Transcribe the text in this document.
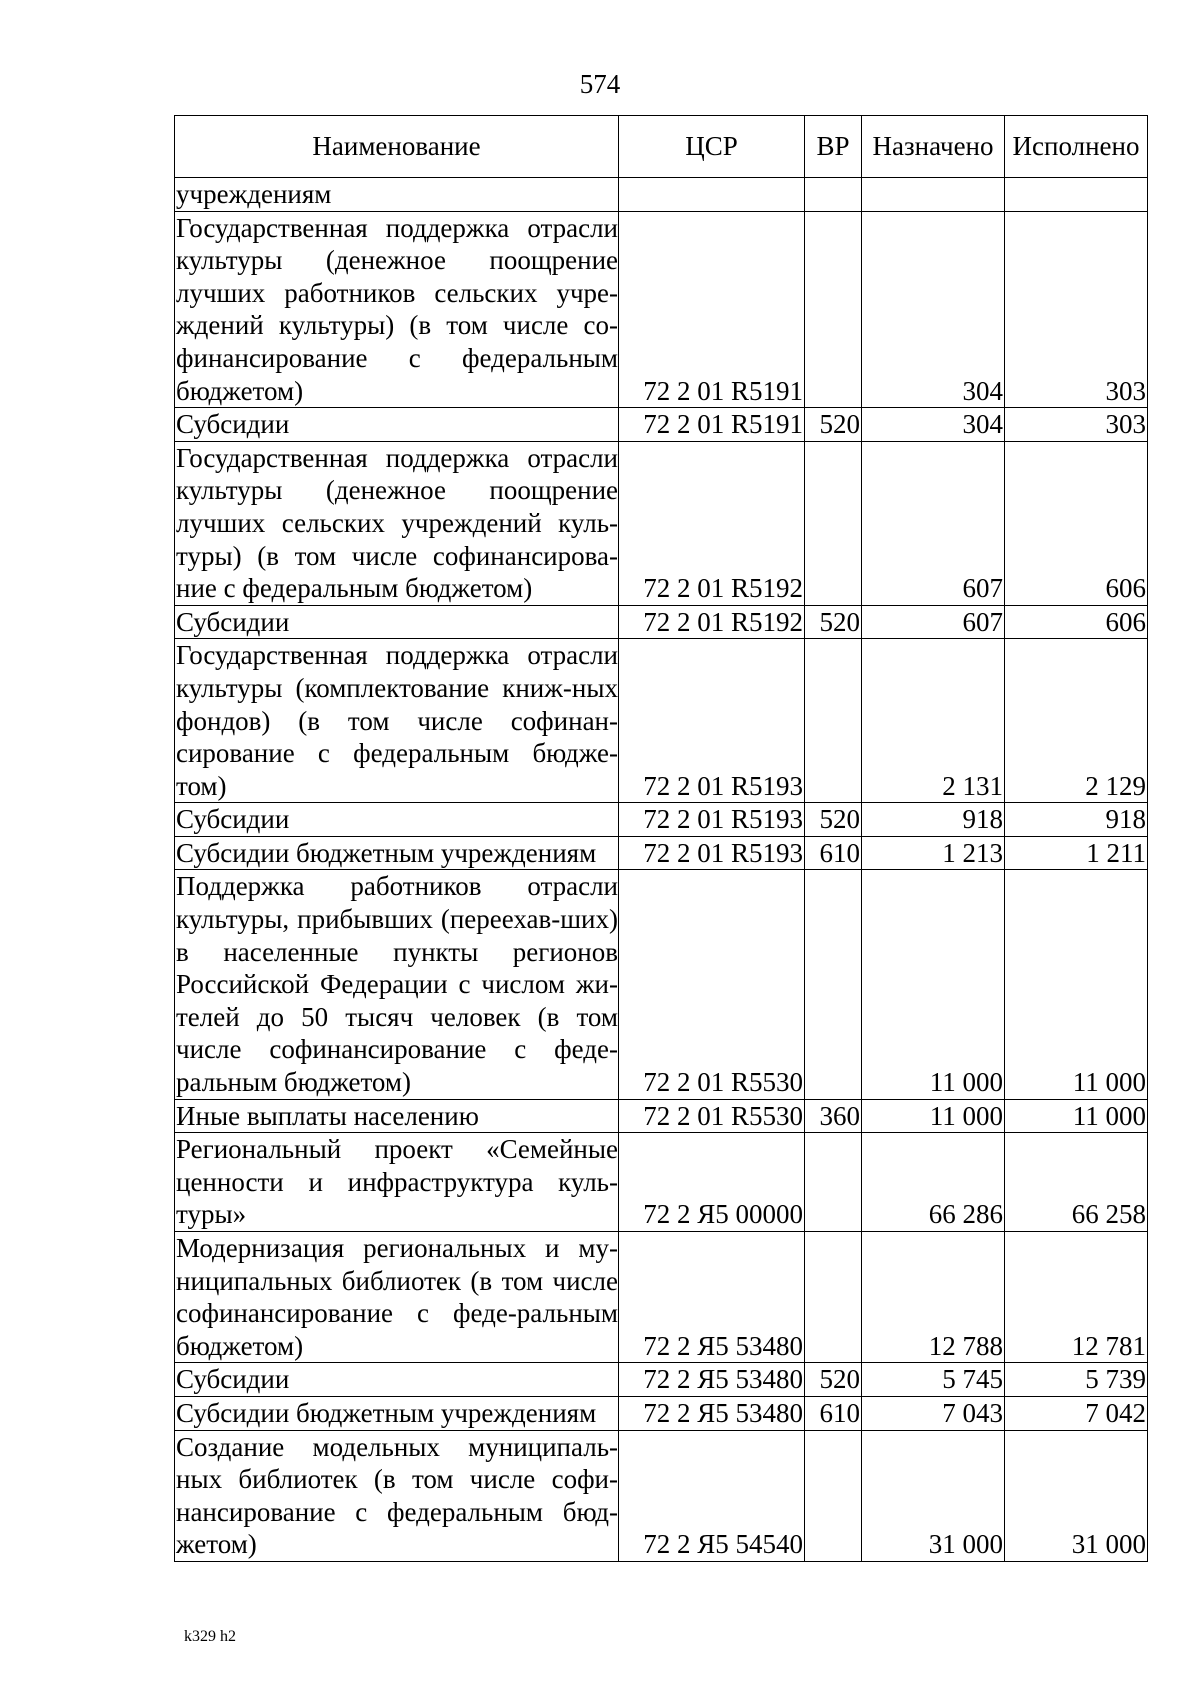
574
Наименование	ЦСР	ВР	Назначено	Исполнено
учреждениям				
Государственная поддержка отрасли культуры (денежное поощрение лучших работников сельских учре-ждений культуры) (в том числе со-финансирование с федеральным бюджетом)	72 2 01 R5191		304	303
Субсидии	72 2 01 R5191	520	304	303
Государственная поддержка отрасли культуры (денежное поощрение лучших сельских учреждений куль-туры) (в том числе софинансирова-ние с федеральным бюджетом)	72 2 01 R5192		607	606
Субсидии	72 2 01 R5192	520	607	606
Государственная поддержка отрасли культуры (комплектование книж-ных фондов) (в том числе софинан-сирование с федеральным бюдже-том)	72 2 01 R5193		2 131	2 129
Субсидии	72 2 01 R5193	520	918	918
Субсидии бюджетным учреждениям	72 2 01 R5193	610	1 213	1 211
Поддержка работников отрасли культуры, прибывших (переехав-ших) в населенные пункты регионов Российской Федерации с числом жи-телей до 50 тысяч человек (в том числе софинансирование с феде-ральным бюджетом)	72 2 01 R5530		11 000	11 000
Иные выплаты населению	72 2 01 R5530	360	11 000	11 000
Региональный проект «Семейные ценности и инфраструктура куль-туры»	72 2 Я5 00000		66 286	66 258
Модернизация региональных и му-ниципальных библиотек (в том числе софинансирование с феде-ральным бюджетом)	72 2 Я5 53480		12 788	12 781
Субсидии	72 2 Я5 53480	520	5 745	5 739
Субсидии бюджетным учреждениям	72 2 Я5 53480	610	7 043	7 042
Создание модельных муниципаль-ных библиотек (в том числе софи-нансирование с федеральным бюд-жетом)	72 2 Я5 54540		31 000	31 000
k329 h2
